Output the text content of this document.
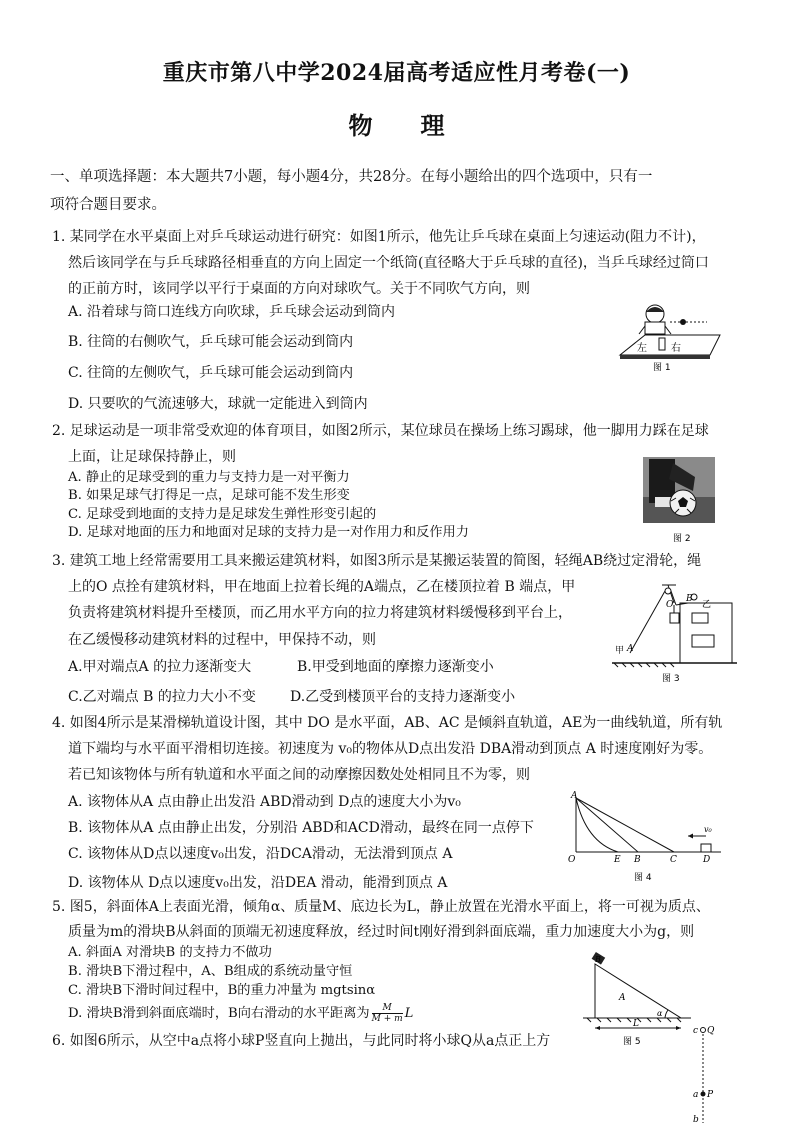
重庆市第八中学2024届高考适应性月考卷(一)
物 理
一、单项选择题：本大题共7小题，每小题4分，共28分。在每小题给出的四个选项中，只有一
项符合题目要求。
1. 某同学在水平桌面上对乒乓球运动进行研究：如图1所示，他先让乒乓球在桌面上匀速运动(阻力不计)，
然后该同学在与乒乓球路径相垂直的方向上固定一个纸筒(直径略大于乒乓球的直径)，当乒乓球经过筒口
的正前方时，该同学以平行于桌面的方向对球吹气。关于不同吹气方向，则
A. 沿着球与筒口连线方向吹球，乒乓球会运动到筒内
B. 往筒的右侧吹气，乒乓球可能会运动到筒内
C. 往筒的左侧吹气，乒乓球可能会运动到筒内
D. 只要吹的气流速够大，球就一定能进入到筒内
左 右
图 1
2. 足球运动是一项非常受欢迎的体育项目，如图2所示，某位球员在操场上练习踢球，他一脚用力踩在足球
上面，让足球保持静止，则
A. 静止的足球受到的重力与支持力是一对平衡力
B. 如果足球气打得足一点，足球可能不发生形变
C. 足球受到地面的支持力是足球发生弹性形变引起的
D. 足球对地面的压力和地面对足球的支持力是一对作用力和反作用力	图 2
3. 建筑工地上经常需要用工具来搬运建筑材料，如图3所示是某搬运装置的简图，轻绳AB绕过定滑轮，绳
上的O 点拴有建筑材料，甲在地面上拉着长绳的A端点，乙在楼顶拉着 B 端点，甲
负责将建筑材料提升至楼顶，而乙用水平方向的拉力将建筑材料缓慢移到平台上，
在乙缓慢移动建筑材料的过程中，甲保持不动，则
A.甲对端点A 的拉力逐渐变大	B.甲受到地面的摩擦力逐渐变小
C.乙对端点 B 的拉力大小不变 D.乙受到楼顶平台的支持力逐渐变小
O
B
乙
甲 A
图 3
4. 如图4所示是某滑梯轨道设计图，其中 DO 是水平面，AB、AC 是倾斜直轨道，AE为一曲线轨道，所有轨
道下端均与水平面平滑相切连接。初速度为 v₀的物体从D点出发沿 DBA滑动到顶点 A 时速度刚好为零。
若已知该物体与所有轨道和水平面之间的动摩擦因数处处相同且不为零，则
A. 该物体从A 点由静止出发沿 ABD滑动到 D点的速度大小为v₀
B. 该物体从A 点由静止出发，分别沿 ABD和ACD滑动，最终在同一点停下
C. 该物体从D点以速度v₀出发，沿DCA滑动，无法滑到顶点 A
D. 该物体从 D点以速度v₀出发，沿DEA 滑动，能滑到顶点 A
A
O	E B	C	D
v₀
图 4
5. 图5，斜面体A上表面光滑，倾角α、质量M、底边长为L，静止放置在光滑水平面上，将一可视为质点、
质量为m的滑块B从斜面的顶端无初速度释放，经过时间t刚好滑到斜面底端，重力加速度大小为g，则
A. 斜面A 对滑块B 的支持力不做功
B. 滑块B下滑过程中，A、B组成的系统动量守恒
C. 滑块B下滑时间过程中，B的重力冲量为 mgtsinα
D. 滑块B滑到斜面底端时，B向右滑动的水平距离为 $\frac{M}{M + m}$ L
B
A
α
L
图 5
6. 如图6所示，从空中a点将小球P竖直向上抛出，与此同时将小球Q从a点正上方
c Q
a P
b
